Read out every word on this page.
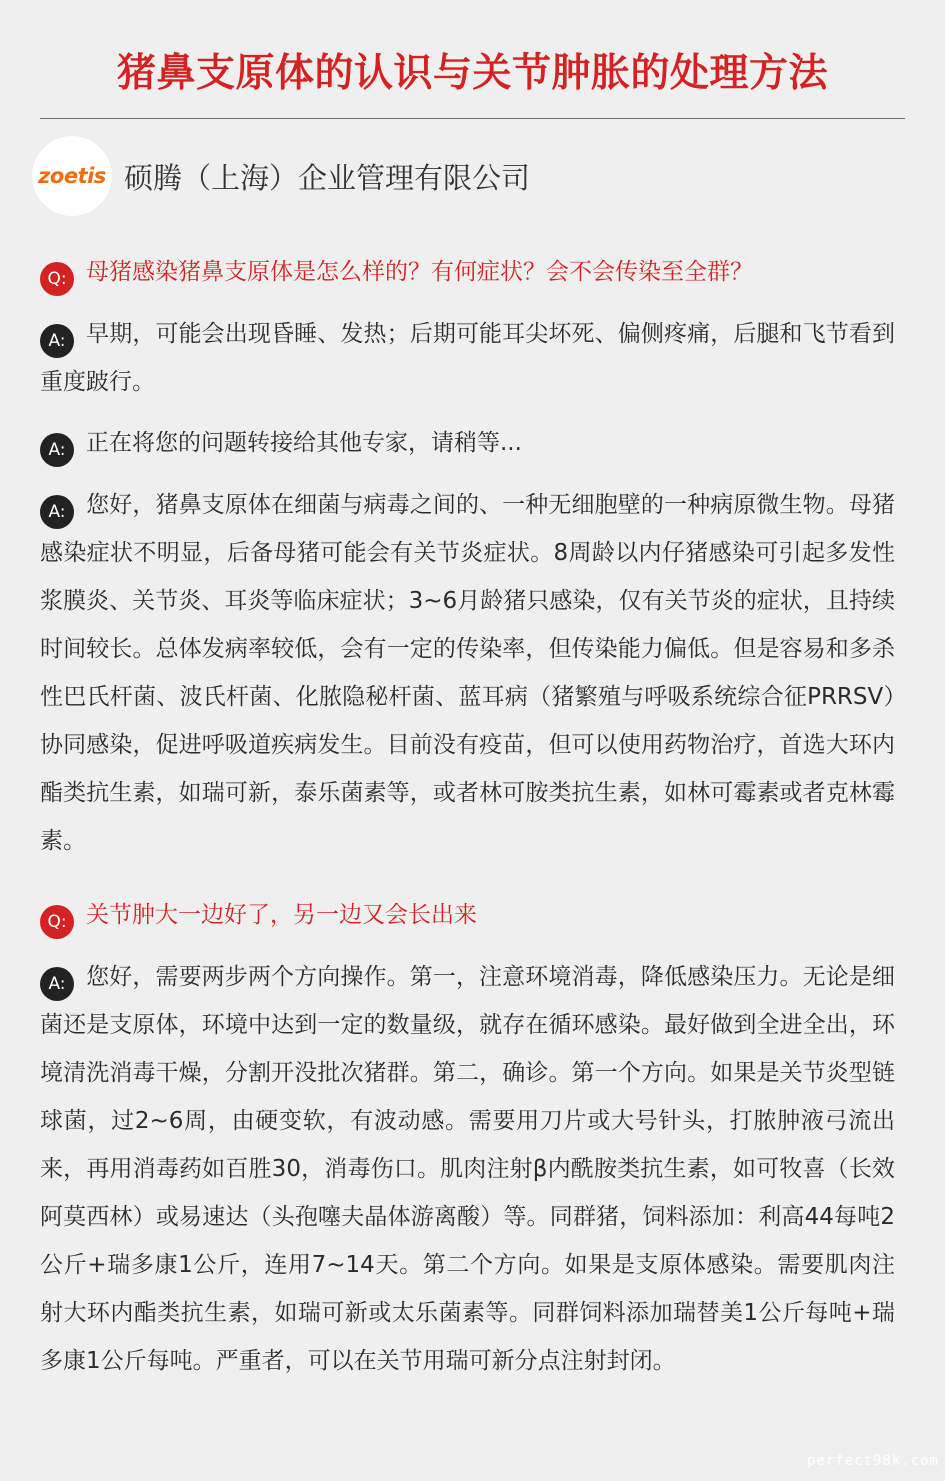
猪鼻支原体的认识与关节肿胀的处理方法
zoetis 硕腾（上海）企业管理有限公司
Q: 母猪感染猪鼻支原体是怎么样的？有何症状？会不会传染至全群？
A: 早期，可能会出现昏睡、发热；后期可能耳尖坏死、偏侧疼痛，后腿和飞节看到重度跛行。
A: 正在将您的问题转接给其他专家，请稍等...
A: 您好，猪鼻支原体在细菌与病毒之间的、一种无细胞壁的一种病原微生物。母猪感染症状不明显，后备母猪可能会有关节炎症状。8周龄以内仔猪感染可引起多发性浆膜炎、关节炎、耳炎等临床症状；3~6月龄猪只感染，仅有关节炎的症状，且持续时间较长。总体发病率较低，会有一定的传染率，但传染能力偏低。但是容易和多杀性巴氏杆菌、波氏杆菌、化脓隐秘杆菌、蓝耳病（猪繁殖与呼吸系统综合征PRRSV）协同感染，促进呼吸道疾病发生。目前没有疫苗，但可以使用药物治疗，首选大环内酯类抗生素，如瑞可新，泰乐菌素等，或者林可胺类抗生素，如林可霉素或者克林霉素。
Q: 关节肿大一边好了，另一边又会长出来
A: 您好，需要两步两个方向操作。第一，注意环境消毒，降低感染压力。无论是细菌还是支原体，环境中达到一定的数量级，就存在循环感染。最好做到全进全出，环境清洗消毒干燥，分割开没批次猪群。第二，确诊。第一个方向。如果是关节炎型链球菌，过2~6周，由硬变软，有波动感。需要用刀片或大号针头，打脓肿液弓流出来，再用消毒药如百胜30，消毒伤口。肌肉注射β内酰胺类抗生素，如可牧喜（长效阿莫西林）或易速达（头孢噻夫晶体游离酸）等。同群猪，饲料添加：利高44每吨2公斤+瑞多康1公斤，连用7~14天。第二个方向。如果是支原体感染。需要肌肉注射大环内酯类抗生素，如瑞可新或太乐菌素等。同群饲料添加瑞替美1公斤每吨+瑞多康1公斤每吨。严重者，可以在关节用瑞可新分点注射封闭。
perfect98k.com
